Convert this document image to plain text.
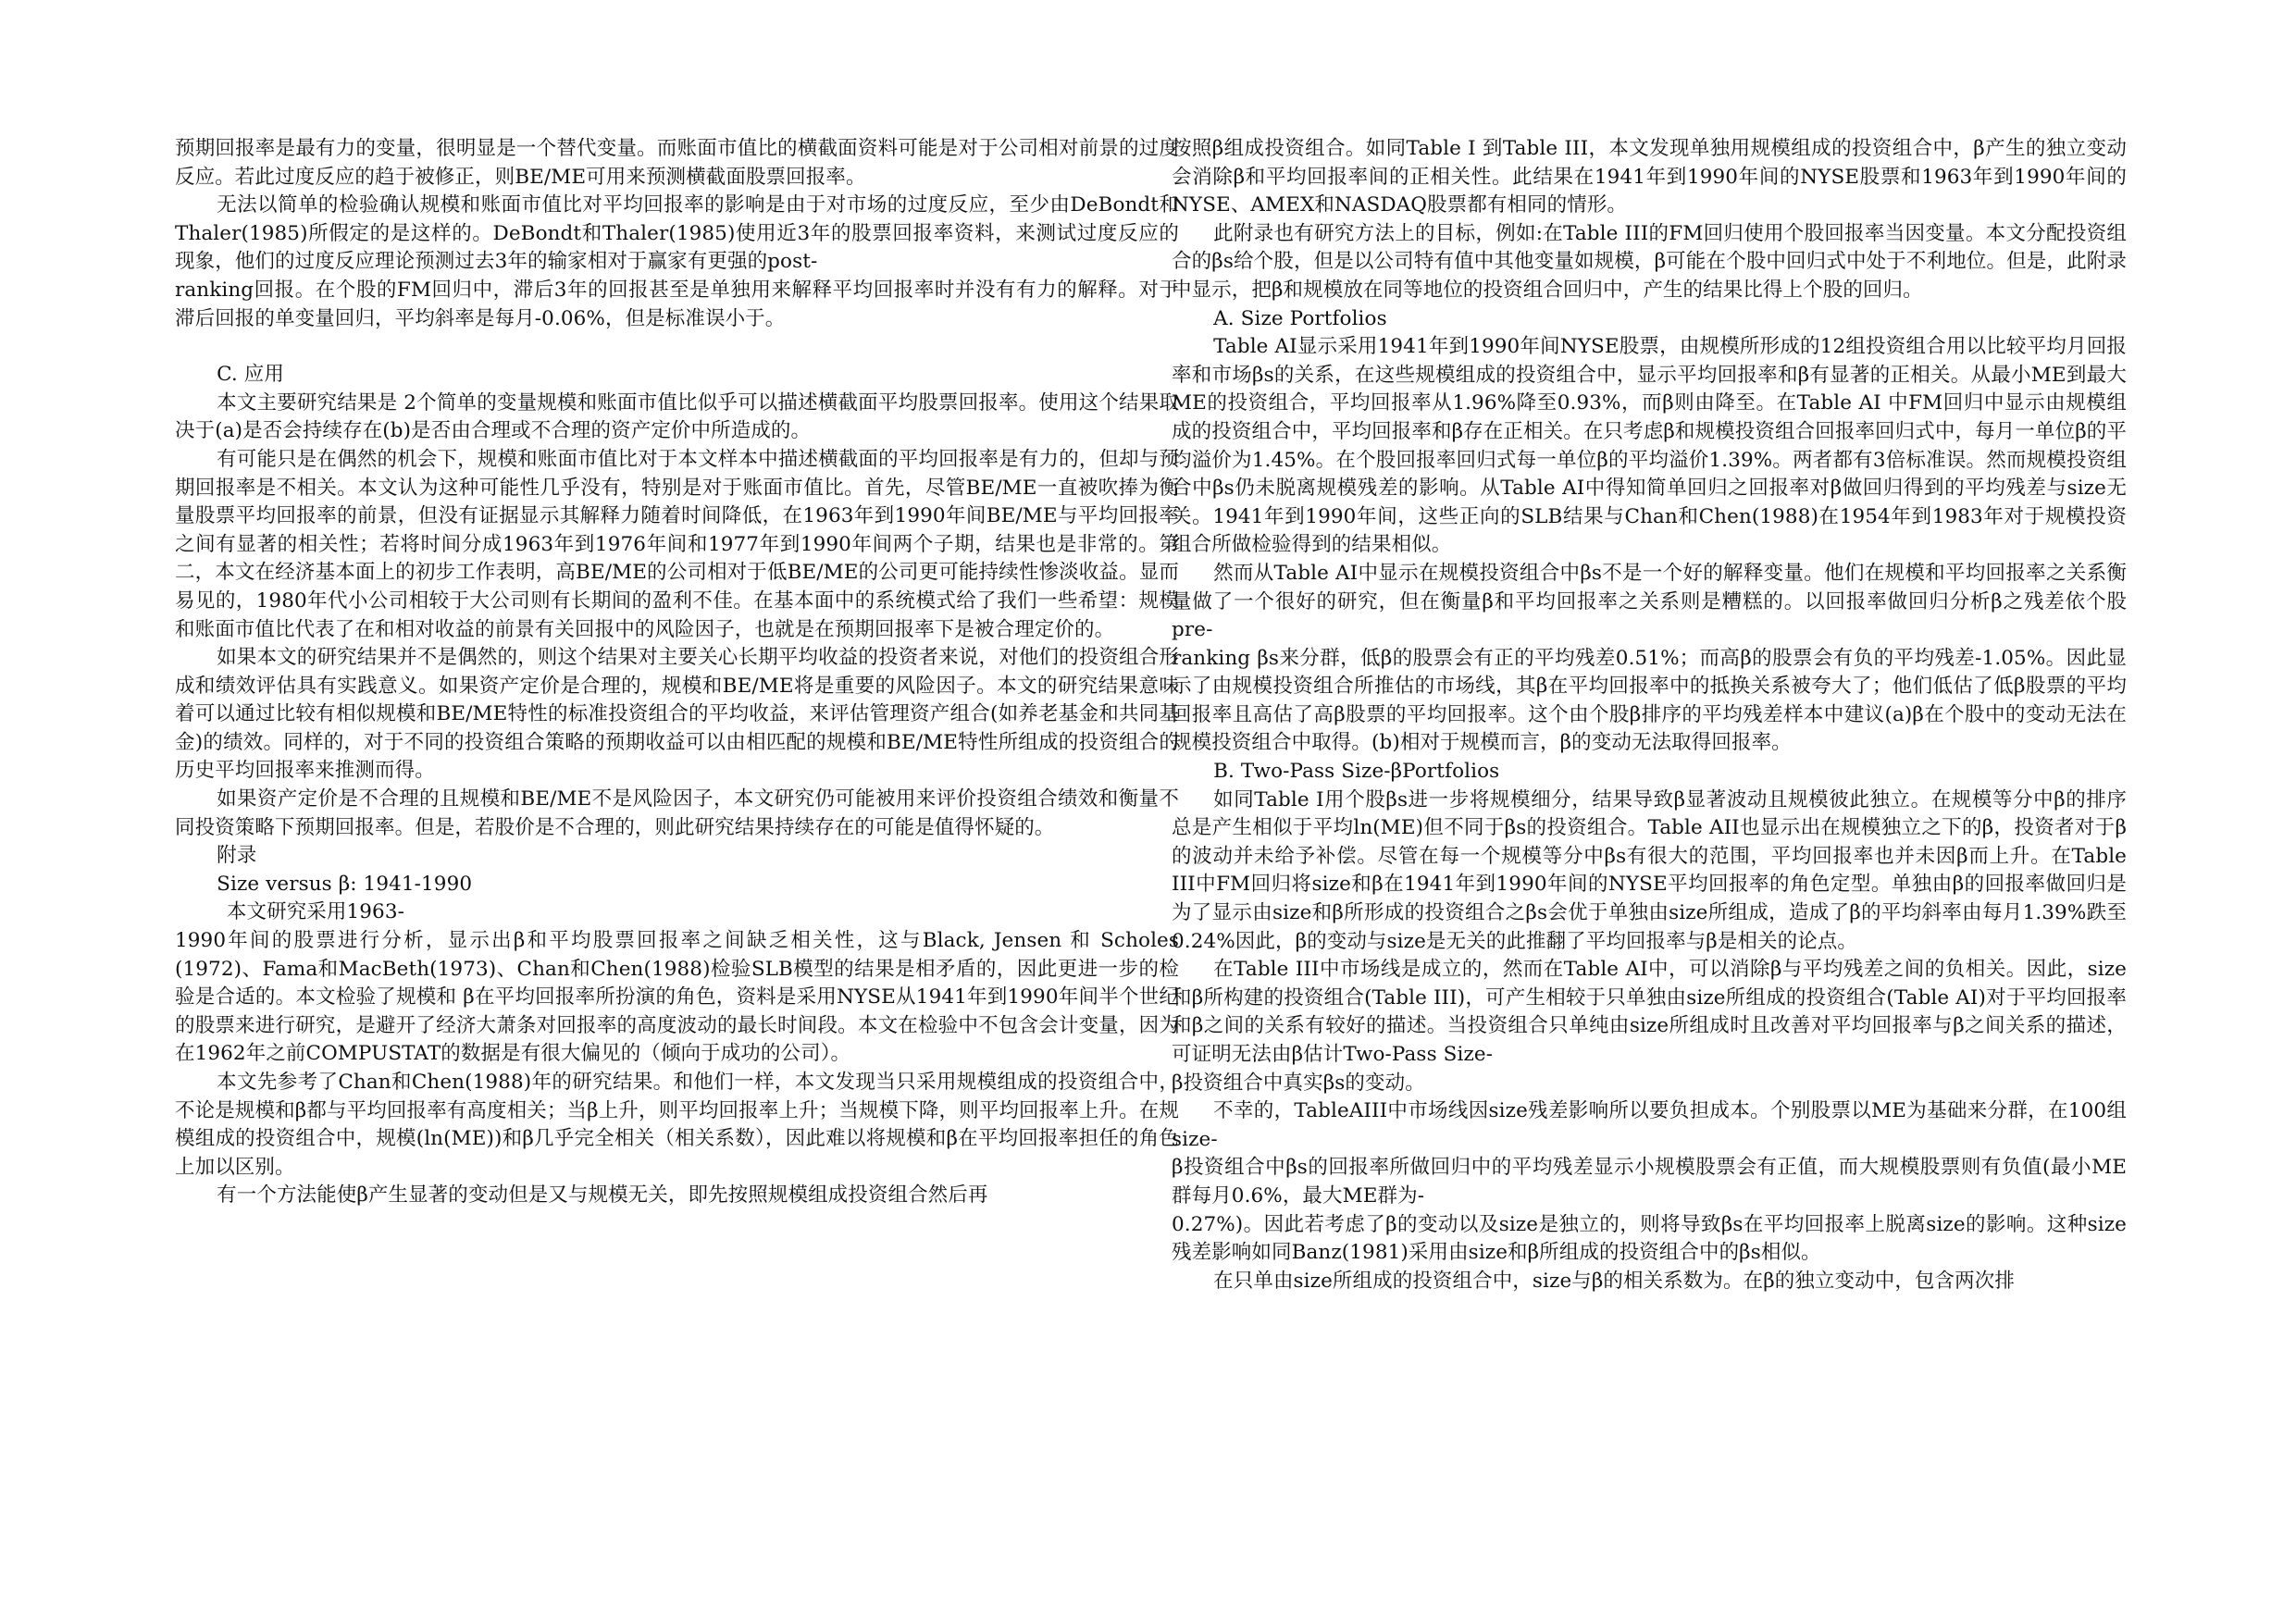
预期回报率是最有力的变量，很明显是一个替代变量。而账面市值比的横截面资料可能是对于公司相对前景的过度反应。若此过度反应的趋于被修正，则BE/ME可用来预测横截面股票回报率。

无法以简单的检验确认规模和账面市值比对平均回报率的影响是由于对市场的过度反应，至少由DeBondt和Thaler(1985)所假定的是这样的。DeBondt和Thaler(1985)使用近3年的股票回报率资料，来测试过度反应的现象，他们的过度反应理论预测过去3年的输家相对于赢家有更强的post-

ranking回报。在个股的FM回归中，滞后3年的回报甚至是单独用来解释平均回报率时并没有有力的解释。对于滞后回报的单变量回归，平均斜率是每月-0.06%，但是标准误小于。

C. 应用

本文主要研究结果是 2个简单的变量规模和账面市值比似乎可以描述横截面平均股票回报率。使用这个结果取决于(a)是否会持续存在(b)是否由合理或不合理的资产定价中所造成的。

有可能只是在偶然的机会下，规模和账面市值比对于本文样本中描述横截面的平均回报率是有力的，但却与预期回报率是不相关。本文认为这种可能性几乎没有，特别是对于账面市值比。首先，尽管BE/ME一直被吹捧为衡量股票平均回报率的前景，但没有证据显示其解释力随着时间降低，在1963年到1990年间BE/ME与平均回报率之间有显著的相关性；若将时间分成1963年到1976年间和1977年到1990年间两个子期，结果也是非常的。第二，本文在经济基本面上的初步工作表明，高BE/ME的公司相对于低BE/ME的公司更可能持续性惨淡收益。显而易见的，1980年代小公司相较于大公司则有长期间的盈利不佳。在基本面中的系统模式给了我们一些希望：规模和账面市值比代表了在和相对收益的前景有关回报中的风险因子，也就是在预期回报率下是被合理定价的。

如果本文的研究结果并不是偶然的，则这个结果对主要关心长期平均收益的投资者来说，对他们的投资组合形成和绩效评估具有实践意义。如果资产定价是合理的，规模和BE/ME将是重要的风险因子。本文的研究结果意味着可以通过比较有相似规模和BE/ME特性的标准投资组合的平均收益，来评估管理资产组合(如养老基金和共同基金)的绩效。同样的，对于不同的投资组合策略的预期收益可以由相匹配的规模和BE/ME特性所组成的投资组合的历史平均回报率来推测而得。

如果资产定价是不合理的且规模和BE/ME不是风险因子，本文研究仍可能被用来评价投资组合绩效和衡量不同投资策略下预期回报率。但是，若股价是不合理的，则此研究结果持续存在的可能是值得怀疑的。

附录

Size versus β: 1941-1990

本文研究采用1963-

1990年间的股票进行分析，显示出β和平均股票回报率之间缺乏相关性，这与Black, Jensen 和 Scholes (1972)、Fama和MacBeth(1973)、Chan和Chen(1988)检验SLB模型的结果是相矛盾的，因此更进一步的检验是合适的。本文检验了规模和 β在平均回报率所扮演的角色，资料是采用NYSE从1941年到1990年间半个世纪的股票来进行研究，是避开了经济大萧条对回报率的高度波动的最长时间段。本文在检验中不包含会计变量，因为在1962年之前COMPUSTAT的数据是有很大偏见的（倾向于成功的公司）。

本文先参考了Chan和Chen(1988)年的研究结果。和他们一样，本文发现当只采用规模组成的投资组合中，不论是规模和β都与平均回报率有高度相关；当β上升，则平均回报率上升；当规模下降，则平均回报率上升。在规模组成的投资组合中，规模(ln(ME))和β几乎完全相关（相关系数），因此难以将规模和β在平均回报率担任的角色上加以区别。

有一个方法能使β产生显著的变动但是又与规模无关，即先按照规模组成投资组合然后再

按照β组成投资组合。如同Table I 到Table III，本文发现单独用规模组成的投资组合中，β产生的独立变动会消除β和平均回报率间的正相关性。此结果在1941年到1990年间的NYSE股票和1963年到1990年间的NYSE、AMEX和NASDAQ股票都有相同的情形。

此附录也有研究方法上的目标，例如:在Table III的FM回归使用个股回报率当因变量。本文分配投资组合的βs给个股，但是以公司特有值中其他变量如规模，β可能在个股中回归式中处于不利地位。但是，此附录中显示，把β和规模放在同等地位的投资组合回归中，产生的结果比得上个股的回归。

A. Size Portfolios

Table AI显示采用1941年到1990年间NYSE股票，由规模所形成的12组投资组合用以比较平均月回报率和市场βs的关系，在这些规模组成的投资组合中，显示平均回报率和β有显著的正相关。从最小ME到最大ME的投资组合，平均回报率从1.96%降至0.93%，而β则由降至。在Table AI 中FM回归中显示由规模组成的投资组合中，平均回报率和β存在正相关。在只考虑β和规模投资组合回报率回归式中，每月一单位β的平均溢价为1.45%。在个股回报率回归式每一单位β的平均溢价1.39%。两者都有3倍标准误。然而规模投资组合中βs仍未脱离规模残差的影响。从Table AI中得知简单回归之回报率对β做回归得到的平均残差与size无关。1941年到1990年间，这些正向的SLB结果与Chan和Chen(1988)在1954年到1983年对于规模投资组合所做检验得到的结果相似。

然而从Table AI中显示在规模投资组合中βs不是一个好的解释变量。他们在规模和平均回报率之关系衡量做了一个很好的研究，但在衡量β和平均回报率之关系则是糟糕的。以回报率做回归分析β之残差依个股pre-

ranking βs来分群，低β的股票会有正的平均残差0.51%；而高β的股票会有负的平均残差-1.05%。因此显示了由规模投资组合所推估的市场线，其β在平均回报率中的抵换关系被夸大了；他们低估了低β股票的平均回报率且高估了高β股票的平均回报率。这个由个股β排序的平均残差样本中建议(a)β在个股中的变动无法在规模投资组合中取得。(b)相对于规模而言，β的变动无法取得回报率。

B. Two-Pass Size-βPortfolios

如同Table I用个股βs进一步将规模细分，结果导致β显著波动且规模彼此独立。在规模等分中β的排序总是产生相似于平均ln(ME)但不同于βs的投资组合。Table AII也显示出在规模独立之下的β，投资者对于β的波动并未给予补偿。尽管在每一个规模等分中βs有很大的范围，平均回报率也并未因β而上升。在Table III中FM回归将size和β在1941年到1990年间的NYSE平均回报率的角色定型。单独由β的回报率做回归是为了显示由size和β所形成的投资组合之βs会优于单独由size所组成，造成了β的平均斜率由每月1.39%跌至0.24%因此，β的变动与size是无关的此推翻了平均回报率与β是相关的论点。

在Table III中市场线是成立的，然而在Table AI中，可以消除β与平均残差之间的负相关。因此，size和β所构建的投资组合(Table III)，可产生相较于只单独由size所组成的投资组合(Table AI)对于平均回报率和β之间的关系有较好的描述。当投资组合只单纯由size所组成时且改善对平均回报率与β之间关系的描述，可证明无法由β估计Two-Pass Size-

β投资组合中真实βs的变动。

不幸的，TableAIII中市场线因size残差影响所以要负担成本。个别股票以ME为基础来分群，在100组size-

β投资组合中βs的回报率所做回归中的平均残差显示小规模股票会有正值，而大规模股票则有负值(最小ME群每月0.6%，最大ME群为-

0.27%)。因此若考虑了β的变动以及size是独立的，则将导致βs在平均回报率上脱离size的影响。这种size残差影响如同Banz(1981)采用由size和β所组成的投资组合中的βs相似。

在只单由size所组成的投资组合中，size与β的相关系数为。在β的独立变动中，包含两次排
